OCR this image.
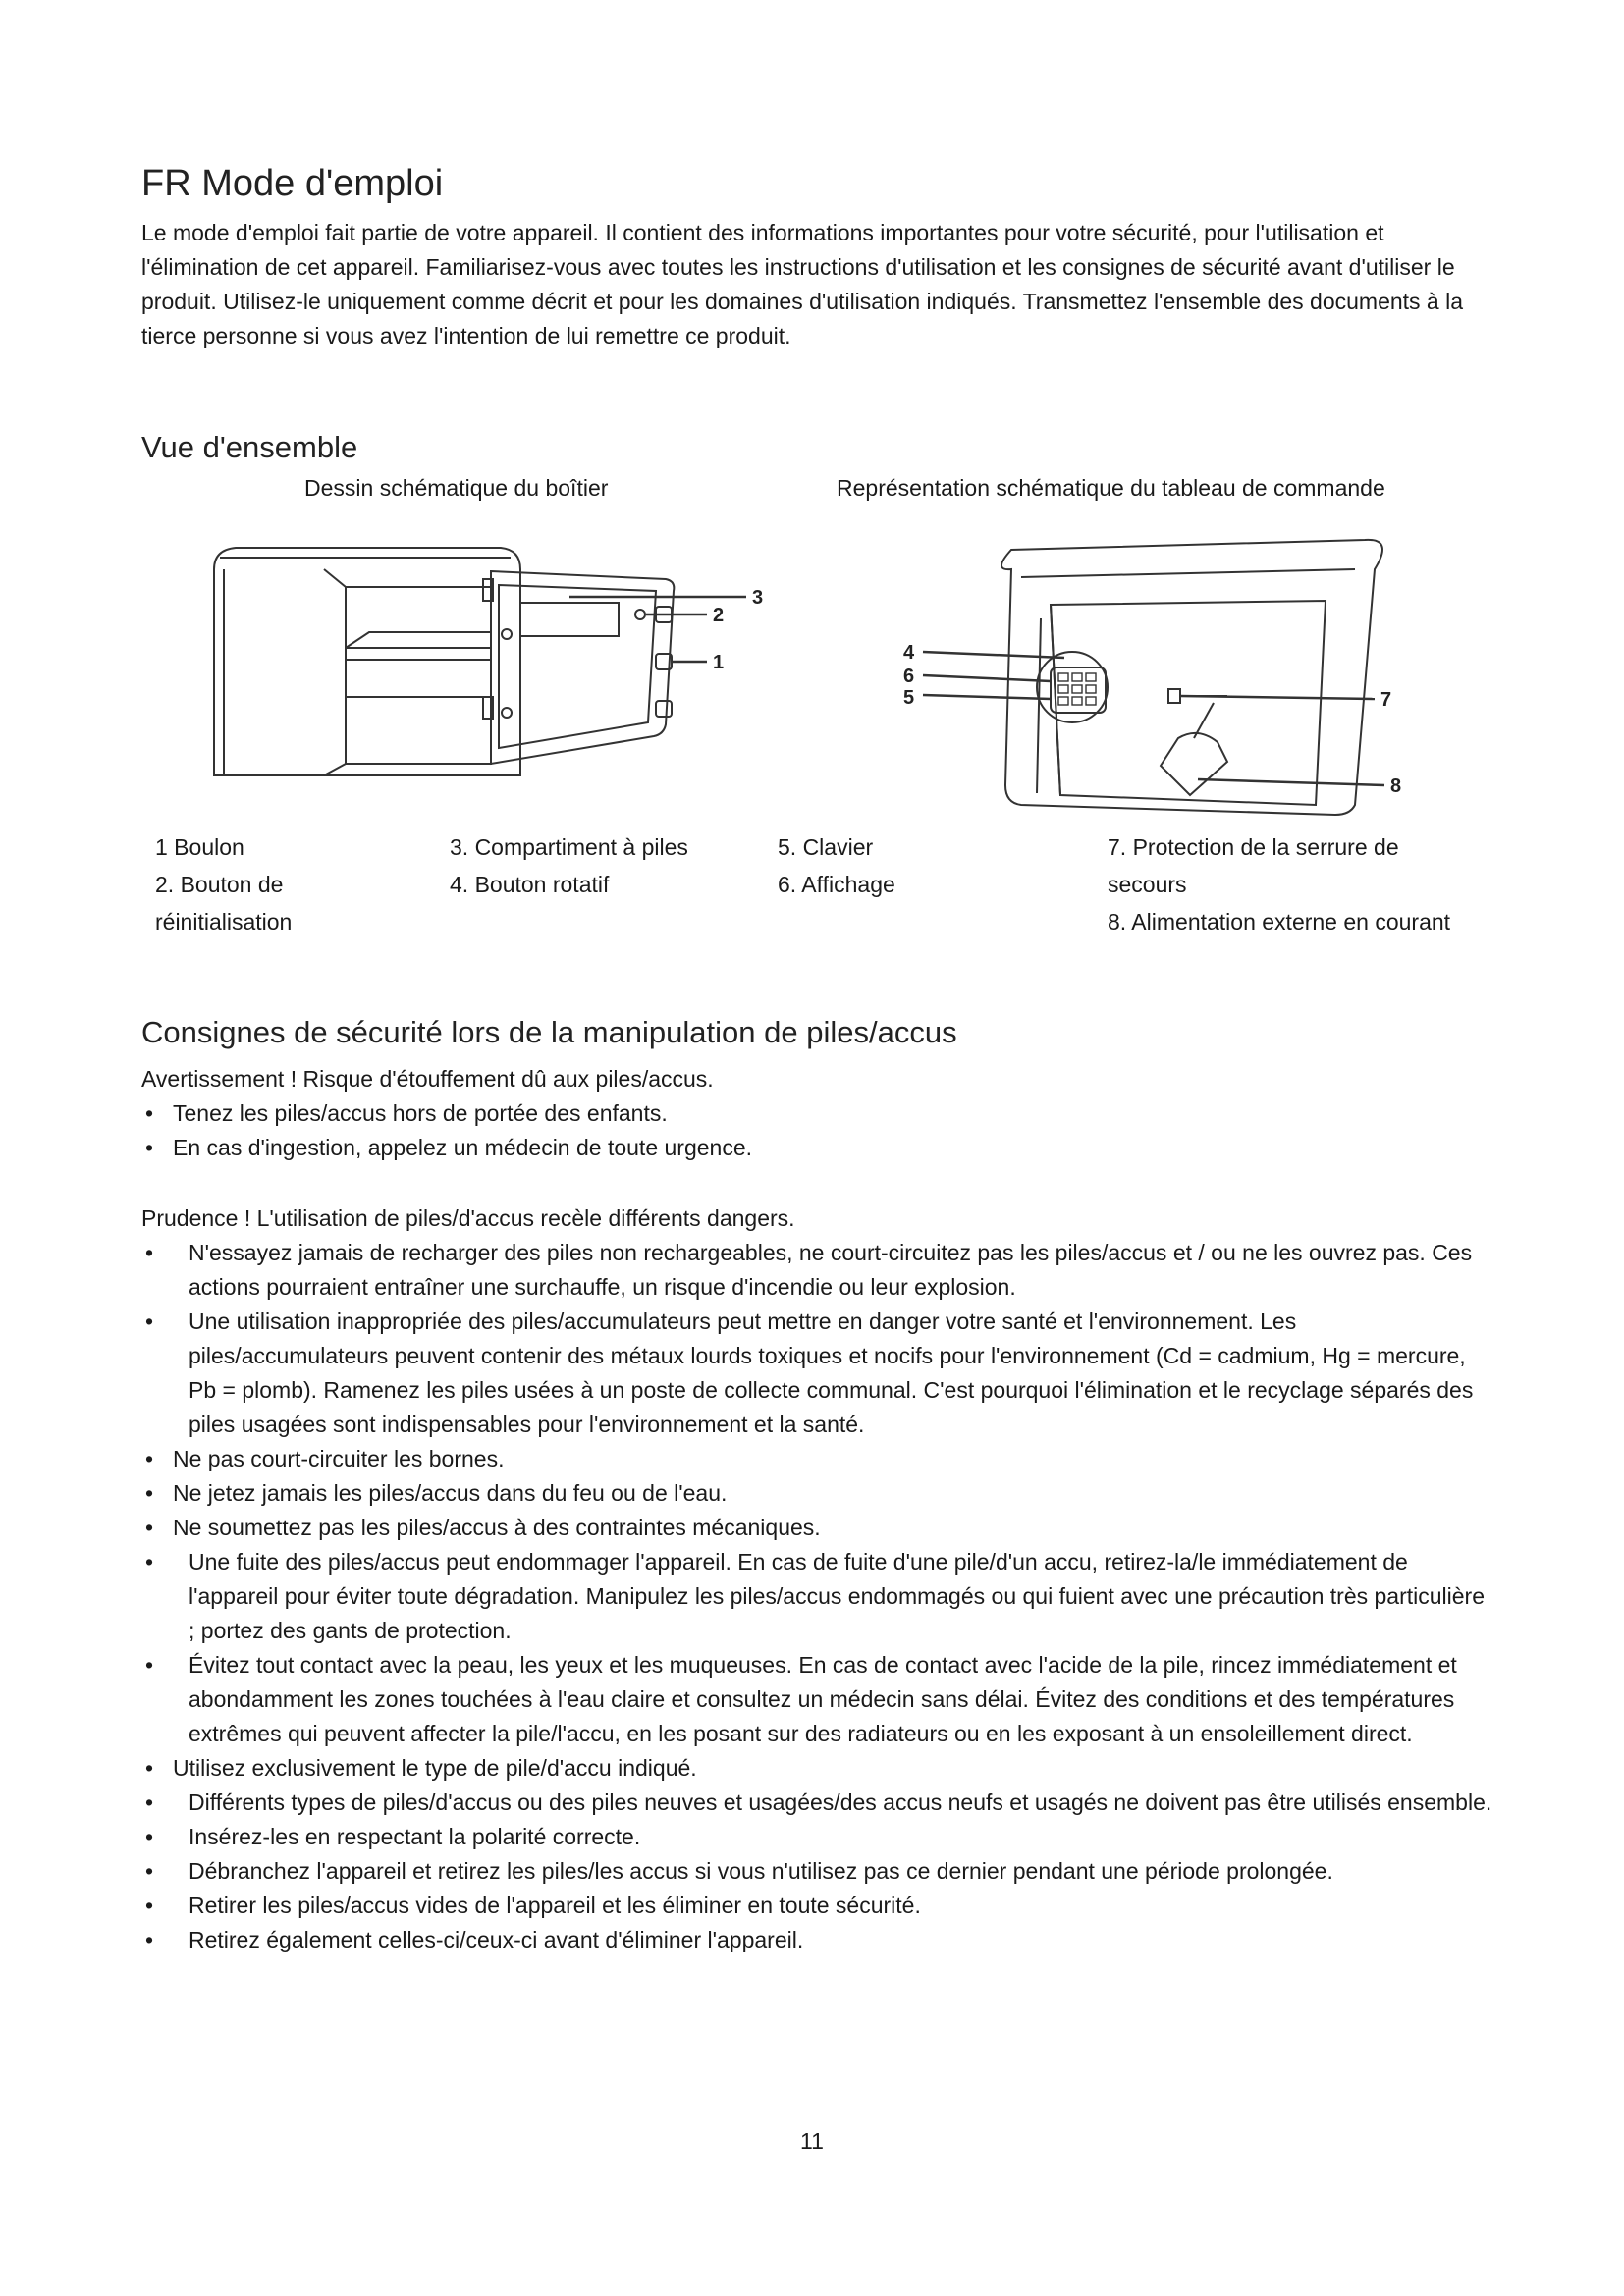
FR Mode d'emploi

Le mode d'emploi fait partie de votre appareil. Il contient des informations importantes pour votre sécurité, pour l'utilisation et l'élimination de cet appareil. Familiarisez-vous avec toutes les instructions d'utilisation et les consignes de sécurité avant d'utiliser le produit. Utilisez-le uniquement comme décrit et pour les domaines d'utilisation indiqués. Transmettez l'ensemble des documents à la tierce personne si vous avez l'intention de lui remettre ce produit.

Vue d'ensemble

Dessin schématique du boîtier	Représentation schématique du tableau de commande

3
2
1	4
6
5	7
8
1 Boulon
2. Bouton de réinitialisation
3. Compartiment à piles
4. Bouton rotatif
5. Clavier
6. Affichage
7. Protection de la serrure de secours
8. Alimentation externe en courant
Consignes de sécurité lors de la manipulation de piles/accus

Avertissement ! Risque d'étouffement dû aux piles/accus.

• Tenez les piles/accus hors de portée des enfants.
• En cas d'ingestion, appelez un médecin de toute urgence.

Prudence ! L'utilisation de piles/d'accus recèle différents dangers.

• N'essayez jamais de recharger des piles non rechargeables, ne court-circuitez pas les piles/accus et / ou ne les ouvrez pas. Ces actions pourraient entraîner une surchauffe, un risque d'incendie ou leur explosion.
• Une utilisation inappropriée des piles/accumulateurs peut mettre en danger votre santé et l'environnement. Les piles/accumulateurs peuvent contenir des métaux lourds toxiques et nocifs pour l'environnement (Cd = cadmium, Hg = mercure, Pb = plomb). Ramenez les piles usées à un poste de collecte communal. C'est pourquoi l'élimination et le recyclage séparés des piles usagées sont indispensables pour l'environnement et la santé.
• Ne pas court-circuiter les bornes.
• Ne jetez jamais les piles/accus dans du feu ou de l'eau.
• Ne soumettez pas les piles/accus à des contraintes mécaniques.
• Une fuite des piles/accus peut endommager l'appareil. En cas de fuite d'une pile/d'un accu, retirez-la/le immédiatement de l'appareil pour éviter toute dégradation. Manipulez les piles/accus endommagés ou qui fuient avec une précaution très particulière ; portez des gants de protection.
• Évitez tout contact avec la peau, les yeux et les muqueuses. En cas de contact avec l'acide de la pile, rincez immédiatement et abondamment les zones touchées à l'eau claire et consultez un médecin sans délai. Évitez des conditions et des températures extrêmes qui peuvent affecter la pile/l'accu, en les posant sur des radiateurs ou en les exposant à un ensoleillement direct.
• Utilisez exclusivement le type de pile/d'accu indiqué.
• Différents types de piles/d'accus ou des piles neuves et usagées/des accus neufs et usagés ne doivent pas être utilisés ensemble.
• Insérez-les en respectant la polarité correcte.
• Débranchez l'appareil et retirez les piles/les accus si vous n'utilisez pas ce dernier pendant une période prolongée.
• Retirer les piles/accus vides de l'appareil et les éliminer en toute sécurité.
• Retirez également celles-ci/ceux-ci avant d'éliminer l'appareil.
11
